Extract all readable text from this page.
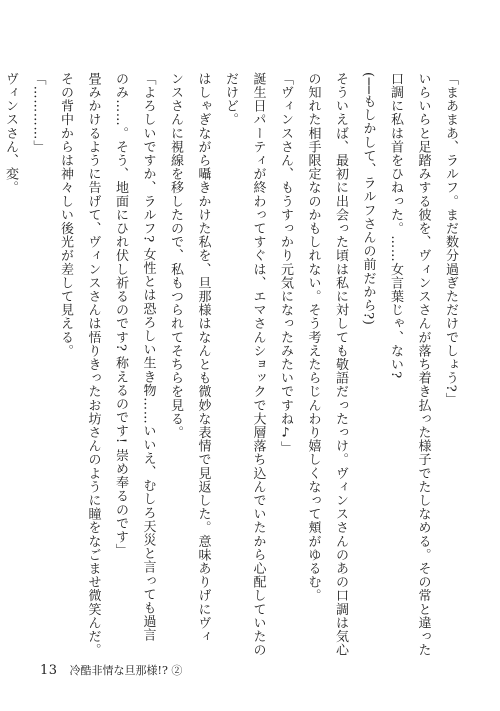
「まあまあ、ラルフ。まだ数分過ぎただけでしょう?」
いらいらと足踏みする彼を、ヴィンスさんが落ち着き払った様子でたしなめる。その常と違った
口調に私は首をひねった。……女言葉じゃ、ない?
(──もしかして、ラルフさんの前だから?)
そういえば、最初に出会った頃は私に対しても敬語だったっけ。ヴィンスさんのあの口調は気心
の知れた相手限定なのかもしれない。そう考えたらじんわり嬉しくなって頬がゆるむ。
「ヴィンスさん、もうすっかり元気になったみたいですね♪」
誕生日パーティが終わってすぐは、エマさんショックで大層落ち込んでいたから心配していたの
だけど。
はしゃぎながら囁きかけた私を、旦那様はなんとも微妙な表情で見返した。意味ありげにヴィ
ンスさんに視線を移したので、私もつられてそちらを見る。
「よろしいですか、ラルフ? 女性とは恐ろしい生き物……いいえ、むしろ天災と言っても過言
のみ……。そう、地面にひれ伏し祈るのです? 称えるのです! 崇め奉るのです」
畳みかけるように告げて、ヴィンスさんは悟りきったお坊さんのように瞳をなごませ微笑んだ。
その背中からは神々しい後光が差して見える。
「…………」
ヴィンスさん、変。
13 冷酷非情な旦那様!? ②
